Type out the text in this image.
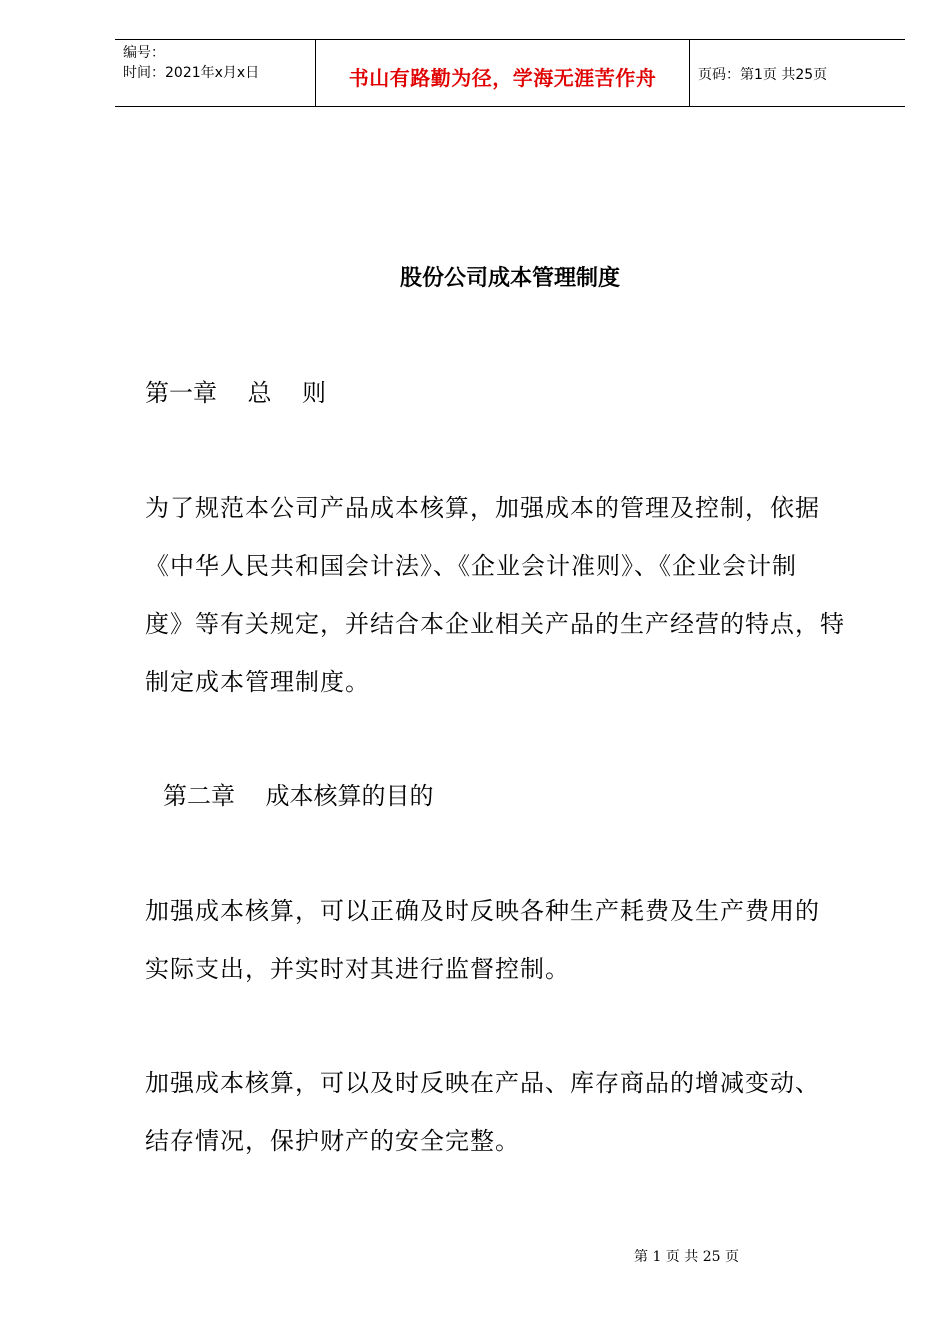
编号：
时间：2021年x月x日	书山有路勤为径，学海无涯苦作舟	页码：第1页 共25页
股份公司成本管理制度
第一章    总    则

为了规范本公司产品成本核算，加强成本的管理及控制，依据

《中华人民共和国会计法》、《企业会计准则》、《企业会计制

度》等有关规定，并结合本企业相关产品的生产经营的特点，特

制定成本管理制度。

第二章    成本核算的目的

加强成本核算，可以正确及时反映各种生产耗费及生产费用的

实际支出，并实时对其进行监督控制。

加强成本核算，可以及时反映在产品、库存商品的增减变动、

结存情况，保护财产的安全完整。

第 1 页 共 25 页
